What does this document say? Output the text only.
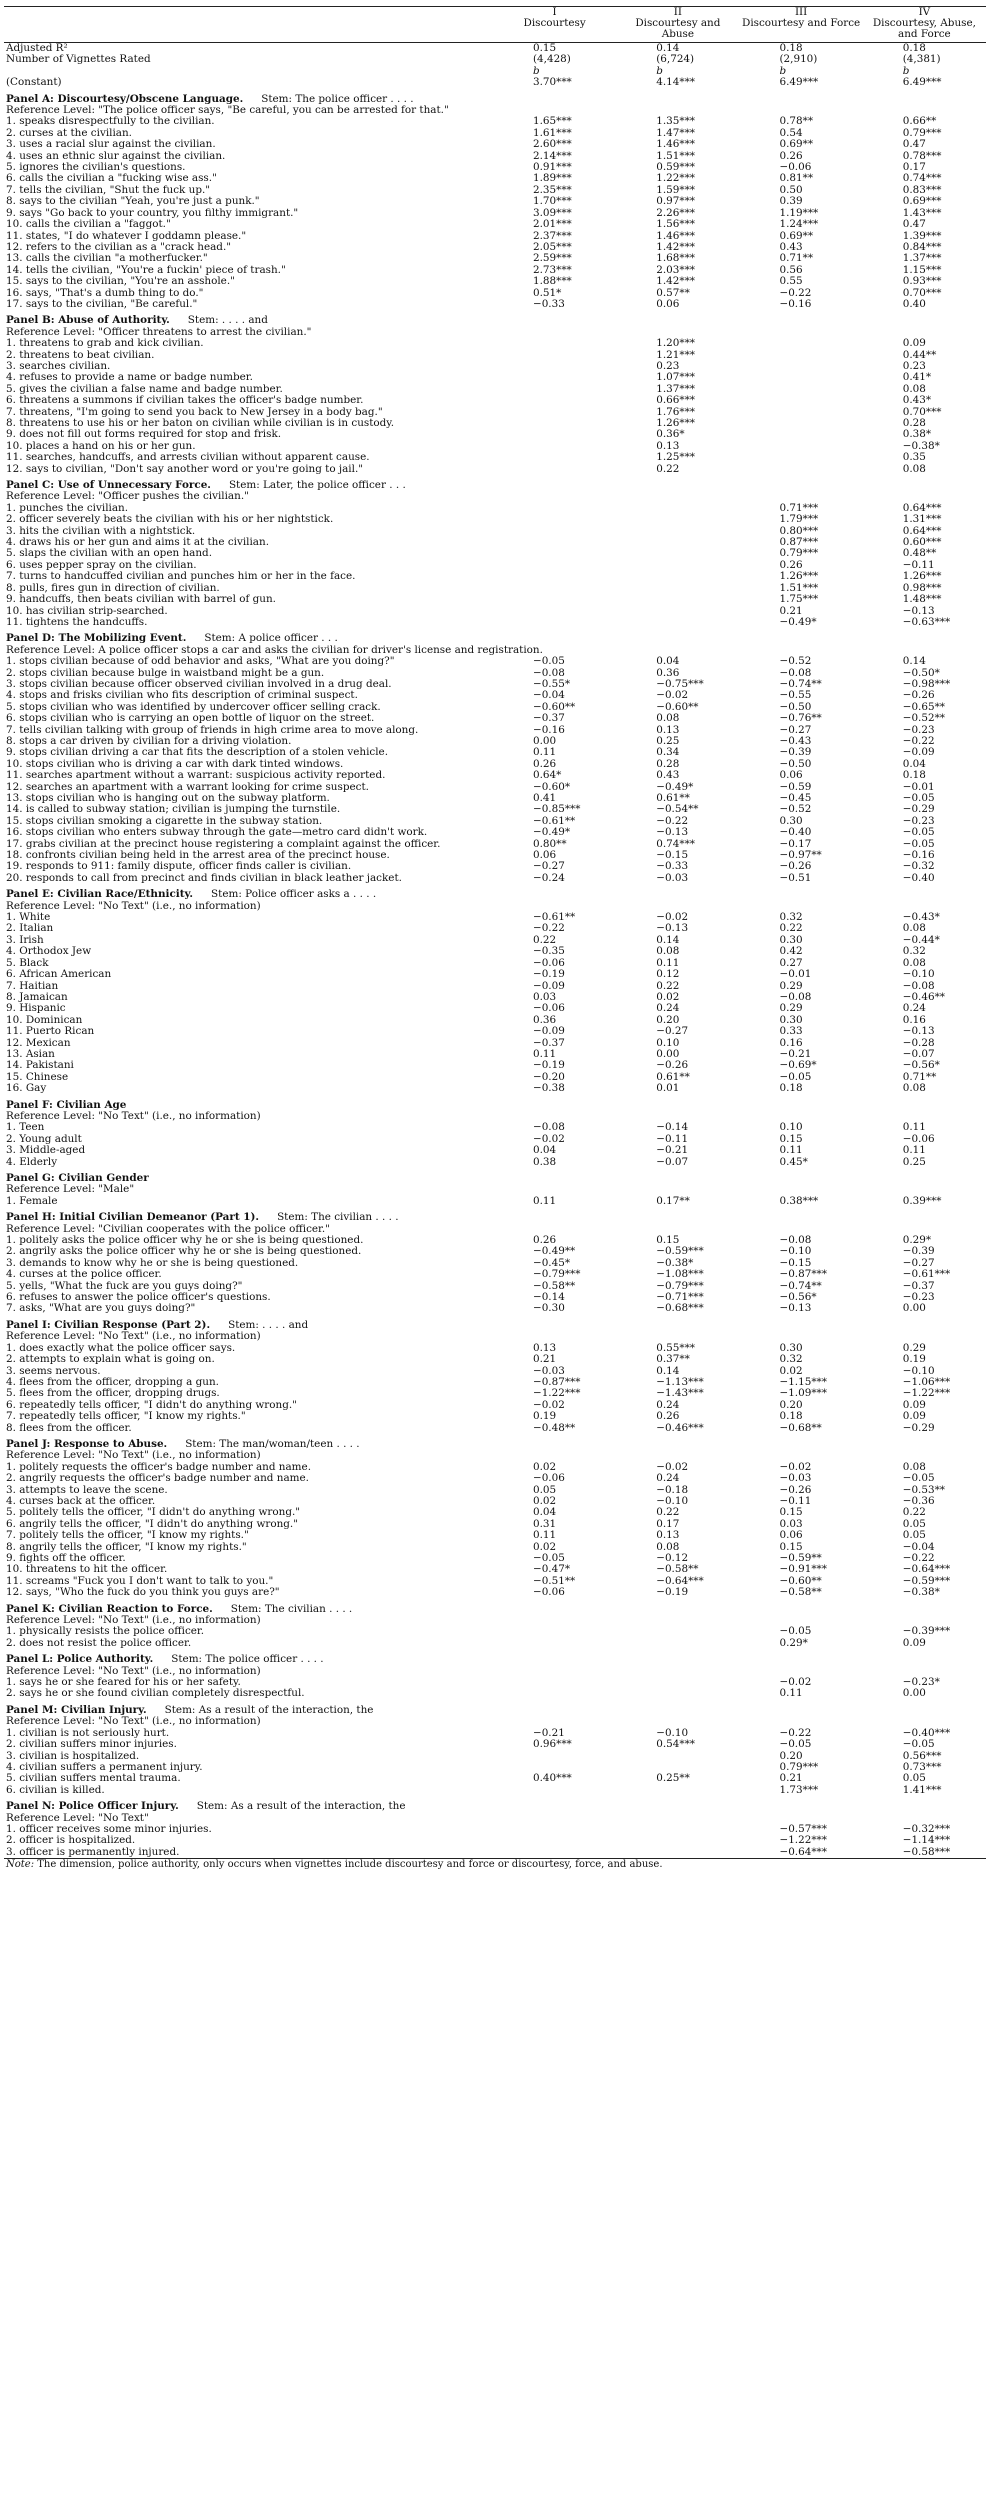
	I	II	III	IV
	Discourtesy	Discourtesy and Abuse	Discourtesy and Force	Discourtesy, Abuse, and Force

Adjusted R²	0.15	0.14	0.18	0.18
Number of Vignettes Rated	(4,428)	(6,724)	(2,910)	(4,381)
	b	b	b	b
(Constant)	3.70***	4.14***	6.49***	6.49***
Panel A: Discourtesy/Obscene Language. Stem: The police officer . . . .				
Reference Level: "The police officer says, "Be careful, you can be arrested for that."				
1. speaks disrespectfully to the civilian.	1.65***	1.35***	0.78**	0.66**
2. curses at the civilian.	1.61***	1.47***	0.54	0.79***
3. uses a racial slur against the civilian.	2.60***	1.46***	0.69**	0.47
4. uses an ethnic slur against the civilian.	2.14***	1.51***	0.26	0.78***
5. ignores the civilian's questions.	0.91***	0.59***	−0.06	0.17
6. calls the civilian a "fucking wise ass."	1.89***	1.22***	0.81**	0.74***
7. tells the civilian, "Shut the fuck up."	2.35***	1.59***	0.50	0.83***
8. says to the civilian "Yeah, you're just a punk."	1.70***	0.97***	0.39	0.69***
9. says "Go back to your country, you filthy immigrant."	3.09***	2.26***	1.19***	1.43***
10. calls the civilian a "faggot."	2.01***	1.56***	1.24***	0.47
11. states, "I do whatever I goddamn please."	2.37***	1.46***	0.69**	1.39***
12. refers to the civilian as a "crack head."	2.05***	1.42***	0.43	0.84***
13. calls the civilian "a motherfucker."	2.59***	1.68***	0.71**	1.37***
14. tells the civilian, "You're a fuckin' piece of trash."	2.73***	2.03***	0.56	1.15***
15. says to the civilian, "You're an asshole."	1.88***	1.42***	0.55	0.93***
16. says, "That's a dumb thing to do."	0.51*	0.57**	−0.22	0.70***
17. says to the civilian, "Be careful."	−0.33	0.06	−0.16	0.40
Panel B: Abuse of Authority. Stem: . . . . and				
Reference Level: "Officer threatens to arrest the civilian."				
1. threatens to grab and kick civilian.		1.20***		0.09
2. threatens to beat civilian.		1.21***		0.44**
3. searches civilian.		0.23		0.23
4. refuses to provide a name or badge number.		1.07***		0.41*
5. gives the civilian a false name and badge number.		1.37***		0.08
6. threatens a summons if civilian takes the officer's badge number.		0.66***		0.43*
7. threatens, "I'm going to send you back to New Jersey in a body bag."		1.76***		0.70***
8. threatens to use his or her baton on civilian while civilian is in custody.		1.26***		0.28
9. does not fill out forms required for stop and frisk.		0.36*		0.38*
10. places a hand on his or her gun.		0.13		−0.38*
11. searches, handcuffs, and arrests civilian without apparent cause.		1.25***		0.35
12. says to civilian, "Don't say another word or you're going to jail."		0.22		0.08
Panel C: Use of Unnecessary Force. Stem: Later, the police officer . . .				
Reference Level: "Officer pushes the civilian."				
1. punches the civilian.			0.71***	0.64***
2. officer severely beats the civilian with his or her nightstick.			1.79***	1.31***
3. hits the civilian with a nightstick.			0.80***	0.64***
4. draws his or her gun and aims it at the civilian.			0.87***	0.60***
5. slaps the civilian with an open hand.			0.79***	0.48**
6. uses pepper spray on the civilian.			0.26	−0.11
7. turns to handcuffed civilian and punches him or her in the face.			1.26***	1.26***
8. pulls, fires gun in direction of civilian.			1.51***	0.98***
9. handcuffs, then beats civilian with barrel of gun.			1.75***	1.48***
10. has civilian strip-searched.			0.21	−0.13
11. tightens the handcuffs.			−0.49*	−0.63***
Panel D: The Mobilizing Event. Stem: A police officer . . .				
Reference Level: A police officer stops a car and asks the civilian for driver's license and registration.				
1. stops civilian because of odd behavior and asks, "What are you doing?"	−0.05	0.04	−0.52	0.14
2. stops civilian because bulge in waistband might be a gun.	−0.08	0.36	−0.08	−0.50*
3. stops civilian because officer observed civilian involved in a drug deal.	−0.55*	−0.75***	−0.74**	−0.98***
4. stops and frisks civilian who fits description of criminal suspect.	−0.04	−0.02	−0.55	−0.26
5. stops civilian who was identified by undercover officer selling crack.	−0.60**	−0.60**	−0.50	−0.65**
6. stops civilian who is carrying an open bottle of liquor on the street.	−0.37	0.08	−0.76**	−0.52**
7. tells civilian talking with group of friends in high crime area to move along.	−0.16	0.13	−0.27	−0.23
8. stops a car driven by civilian for a driving violation.	0.00	0.25	−0.43	−0.22
9. stops civilian driving a car that fits the description of a stolen vehicle.	0.11	0.34	−0.39	−0.09
10. stops civilian who is driving a car with dark tinted windows.	0.26	0.28	−0.50	0.04
11. searches apartment without a warrant: suspicious activity reported.	0.64*	0.43	0.06	0.18
12. searches an apartment with a warrant looking for crime suspect.	−0.60*	−0.49*	−0.59	−0.01
13. stops civilian who is hanging out on the subway platform.	0.41	0.61**	−0.45	−0.05
14. is called to subway station; civilian is jumping the turnstile.	−0.85***	−0.54**	−0.52	−0.29
15. stops civilian smoking a cigarette in the subway station.	−0.61**	−0.22	0.30	−0.23
16. stops civilian who enters subway through the gate—metro card didn't work.	−0.49*	−0.13	−0.40	−0.05
17. grabs civilian at the precinct house registering a complaint against the officer.	0.80**	0.74***	−0.17	−0.05
18. confronts civilian being held in the arrest area of the precinct house.	0.06	−0.15	−0.97**	−0.16
19. responds to 911: family dispute, officer finds caller is civilian.	−0.27	−0.33	−0.26	−0.32
20. responds to call from precinct and finds civilian in black leather jacket.	−0.24	−0.03	−0.51	−0.40
Panel E: Civilian Race/Ethnicity. Stem: Police officer asks a . . . .				
Reference Level: "No Text" (i.e., no information)				
1. White	−0.61**	−0.02	0.32	−0.43*
2. Italian	−0.22	−0.13	0.22	0.08
3. Irish	0.22	0.14	0.30	−0.44*
4. Orthodox Jew	−0.35	0.08	0.42	0.32
5. Black	−0.06	0.11	0.27	0.08
6. African American	−0.19	0.12	−0.01	−0.10
7. Haitian	−0.09	0.22	0.29	−0.08
8. Jamaican	0.03	0.02	−0.08	−0.46**
9. Hispanic	−0.06	0.24	0.29	0.24
10. Dominican	0.36	0.20	0.30	0.16
11. Puerto Rican	−0.09	−0.27	0.33	−0.13
12. Mexican	−0.37	0.10	0.16	−0.28
13. Asian	0.11	0.00	−0.21	−0.07
14. Pakistani	−0.19	−0.26	−0.69*	−0.56*
15. Chinese	−0.20	0.61**	−0.05	0.71**
16. Gay	−0.38	0.01	0.18	0.08
Panel F: Civilian Age				
Reference Level: "No Text" (i.e., no information)				
1. Teen	−0.08	−0.14	0.10	0.11
2. Young adult	−0.02	−0.11	0.15	−0.06
3. Middle-aged	0.04	−0.21	0.11	0.11
4. Elderly	0.38	−0.07	0.45*	0.25
Panel G: Civilian Gender				
Reference Level: "Male"				
1. Female	0.11	0.17**	0.38***	0.39***
Panel H: Initial Civilian Demeanor (Part 1). Stem: The civilian . . . .				
Reference Level: "Civilian cooperates with the police officer."				
1. politely asks the police officer why he or she is being questioned.	0.26	0.15	−0.08	0.29*
2. angrily asks the police officer why he or she is being questioned.	−0.49**	−0.59***	−0.10	−0.39
3. demands to know why he or she is being questioned.	−0.45*	−0.38*	−0.15	−0.27
4. curses at the police officer.	−0.79***	−1.08***	−0.87***	−0.61***
5. yells, "What the fuck are you guys doing?"	−0.58**	−0.79***	−0.74**	−0.37
6. refuses to answer the police officer's questions.	−0.14	−0.71***	−0.56*	−0.23
7. asks, "What are you guys doing?"	−0.30	−0.68***	−0.13	0.00
Panel I: Civilian Response (Part 2). Stem: . . . . and				
Reference Level: "No Text" (i.e., no information)				
1. does exactly what the police officer says.	0.13	0.55***	0.30	0.29
2. attempts to explain what is going on.	0.21	0.37**	0.32	0.19
3. seems nervous.	−0.03	0.14	0.02	−0.10
4. flees from the officer, dropping a gun.	−0.87***	−1.13***	−1.15***	−1.06***
5. flees from the officer, dropping drugs.	−1.22***	−1.43***	−1.09***	−1.22***
6. repeatedly tells officer, "I didn't do anything wrong."	−0.02	0.24	0.20	0.09
7. repeatedly tells officer, "I know my rights."	0.19	0.26	0.18	0.09
8. flees from the officer.	−0.48**	−0.46***	−0.68**	−0.29
Panel J: Response to Abuse. Stem: The man/woman/teen . . . .				
Reference Level: "No Text" (i.e., no information)				
1. politely requests the officer's badge number and name.	0.02	−0.02	−0.02	0.08
2. angrily requests the officer's badge number and name.	−0.06	0.24	−0.03	−0.05
3. attempts to leave the scene.	0.05	−0.18	−0.26	−0.53**
4. curses back at the officer.	0.02	−0.10	−0.11	−0.36
5. politely tells the officer, "I didn't do anything wrong."	0.04	0.22	0.15	0.22
6. angrily tells the officer, "I didn't do anything wrong."	0.31	0.17	0.03	0.05
7. politely tells the officer, "I know my rights."	0.11	0.13	0.06	0.05
8. angrily tells the officer, "I know my rights."	0.02	0.08	0.15	−0.04
9. fights off the officer.	−0.05	−0.12	−0.59**	−0.22
10. threatens to hit the officer.	−0.47*	−0.58**	−0.91***	−0.64***
11. screams "Fuck you I don't want to talk to you."	−0.51**	−0.64***	−0.60**	−0.59***
12. says, "Who the fuck do you think you guys are?"	−0.06	−0.19	−0.58**	−0.38*
Panel K: Civilian Reaction to Force. Stem: The civilian . . . .				
Reference Level: "No Text" (i.e., no information)				
1. physically resists the police officer.			−0.05	−0.39***
2. does not resist the police officer.			0.29*	0.09
Panel L: Police Authority. Stem: The police officer . . . .				
Reference Level: "No Text" (i.e., no information)				
1. says he or she feared for his or her safety.			−0.02	−0.23*
2. says he or she found civilian completely disrespectful.			0.11	0.00
Panel M: Civilian Injury. Stem: As a result of the interaction, the				
Reference Level: "No Text" (i.e., no information)				
1. civilian is not seriously hurt.	−0.21	−0.10	−0.22	−0.40***
2. civilian suffers minor injuries.	0.96***	0.54***	−0.05	−0.05
3. civilian is hospitalized.			0.20	0.56***
4. civilian suffers a permanent injury.			0.79***	0.73***
5. civilian suffers mental trauma.	0.40***	0.25**	0.21	0.05
6. civilian is killed.			1.73***	1.41***
Panel N: Police Officer Injury. Stem: As a result of the interaction, the				
Reference Level: "No Text"				
1. officer receives some minor injuries.			−0.57***	−0.32***
2. officer is hospitalized.			−1.22***	−1.14***
3. officer is permanently injured.			−0.64***	−0.58***

Note: The dimension, police authority, only occurs when vignettes include discourtesy and force or discourtesy, force, and abuse.				
